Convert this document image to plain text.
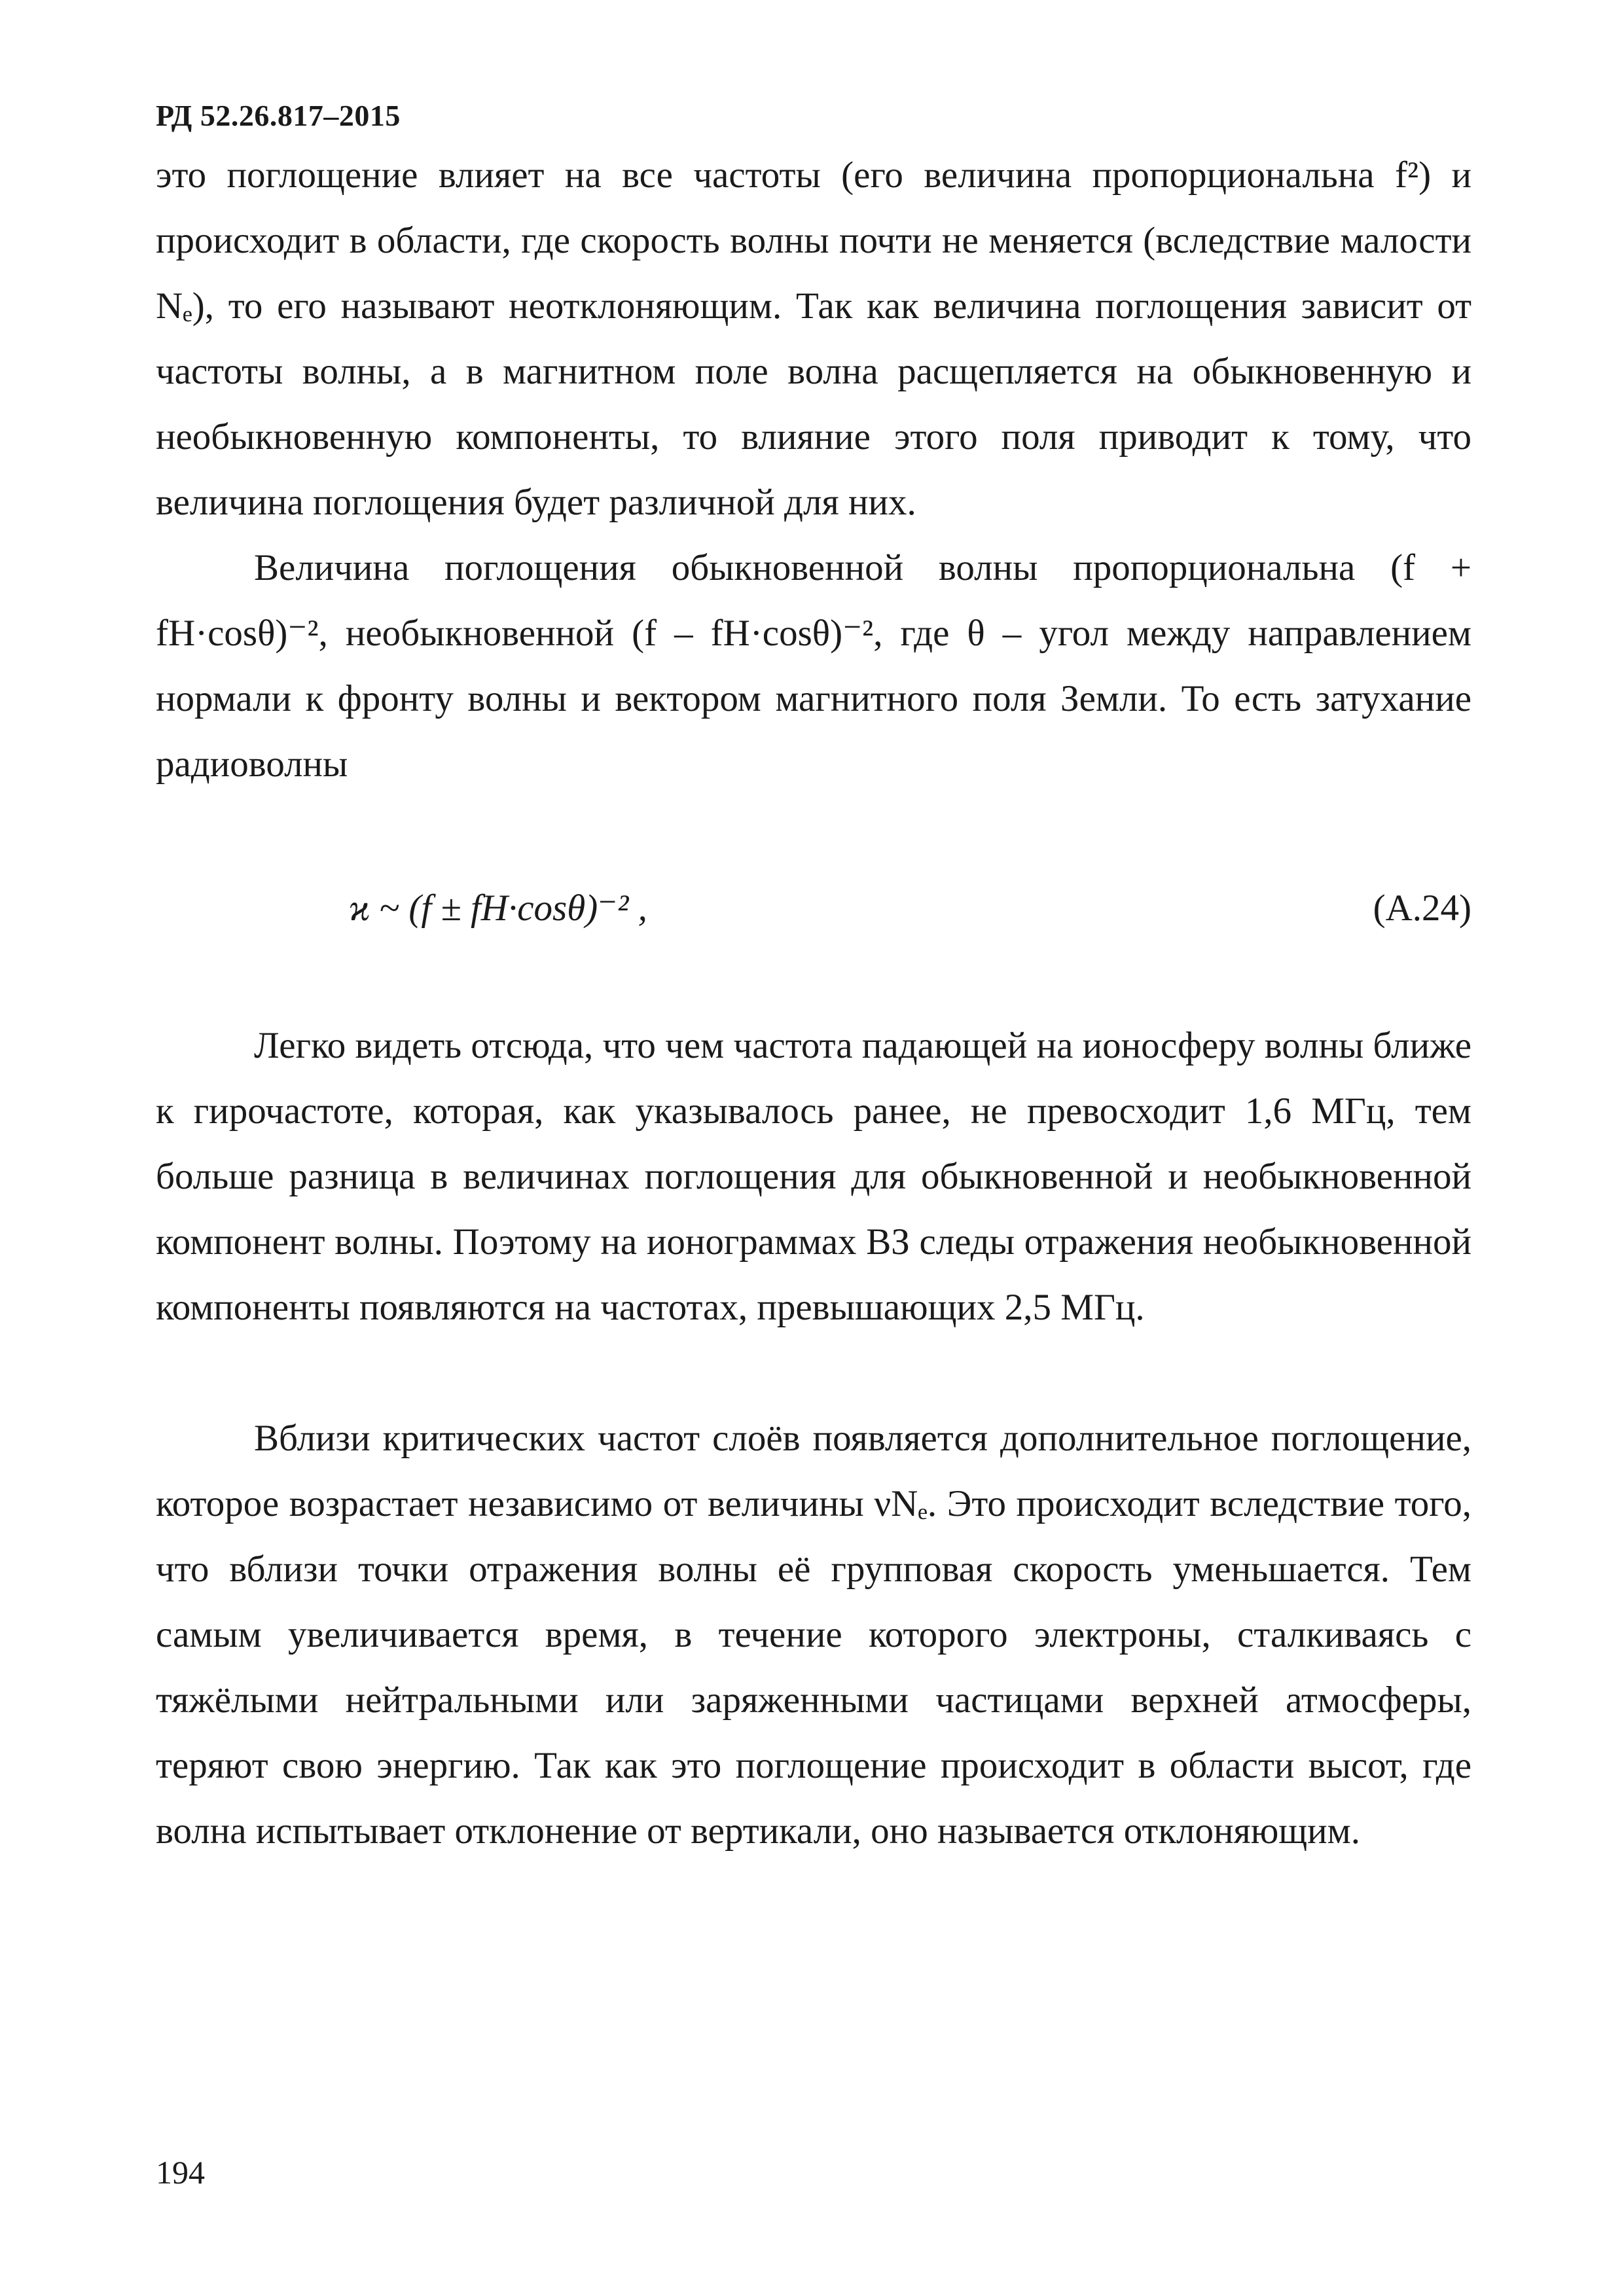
РД 52.26.817–2015

это поглощение влияет на все частоты (его величина пропорциональна f²) и происходит в области, где скорость волны почти не меняется (вследствие малости Nₑ), то его называют неотклоняющим. Так как величина поглощения зависит от частоты волны, а в магнитном поле волна расщепляется на обыкновенную и необыкновенную компоненты, то влияние этого поля приводит к тому, что величина поглощения будет различной для них.

Величина поглощения обыкновенной волны пропорциональна (f + fН·cosθ)⁻², необыкновенной (f – fН·cosθ)⁻², где θ – угол между направлением нормали к фронту волны и вектором магнитного поля Земли. То есть затухание радиоволны

ϰ ~ (f ± fН·cosθ)⁻² ,	(А.24)

Легко видеть отсюда, что чем частота падающей на ионосферу волны ближе к гирочастоте, которая, как указывалось ранее, не превосходит 1,6 МГц, тем больше разница в величинах поглощения для обыкновенной и необыкновенной компонент волны. Поэтому на ионограммах ВЗ следы отражения необыкновенной компоненты появляются на частотах, превышающих 2,5 МГц.

Вблизи критических частот слоёв появляется дополнительное поглощение, которое возрастает независимо от величины νNₑ. Это происходит вследствие того, что вблизи точки отражения волны её групповая скорость уменьшается. Тем самым увеличивается время, в течение которого электроны, сталкиваясь с тяжёлыми нейтральными или заряженными частицами верхней атмосферы, теряют свою энергию. Так как это поглощение происходит в области высот, где волна испытывает отклонение от вертикали, оно называется отклоняющим.

194
